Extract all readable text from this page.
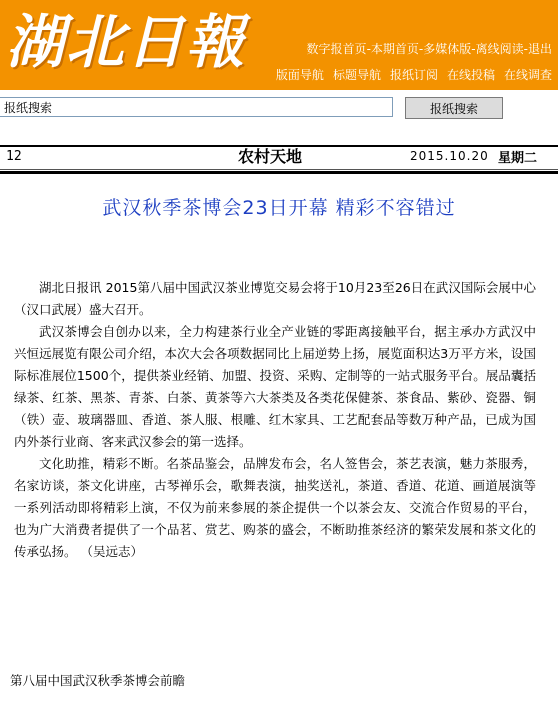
湖北日報	数字报首页-本期首页-多媒体版-离线阅读-退出
版面导航 标题导航 报纸订阅 在线投稿 在线调查
报纸搜索
报纸搜索
12	农村天地	2015.10.20 星期二
武汉秋季茶博会23日开幕 精彩不容错过

湖北日报讯 2015第八届中国武汉茶业博览交易会将于10月23至26日在武汉国际会展中心（汉口武展）盛大召开。

武汉茶博会自创办以来，全力构建茶行业全产业链的零距离接触平台，据主承办方武汉中兴恒远展览有限公司介绍，本次大会各项数据同比上届逆势上扬，展览面积达3万平方米，设国际标准展位1500个，提供茶业经销、加盟、投资、采购、定制等的一站式服务平台。展品囊括绿茶、红茶、黑茶、青茶、白茶、黄茶等六大茶类及各类花保健茶、茶食品、紫砂、瓷器、铜（铁）壶、玻璃器皿、香道、茶人服、根雕、红木家具、工艺配套品等数万种产品，已成为国内外茶行业商、客来武汉参会的第一选择。

文化助推，精彩不断。名茶品鉴会，品牌发布会，名人签售会，茶艺表演，魅力茶服秀，名家访谈，茶文化讲座，古琴禅乐会，歌舞表演，抽奖送礼，茶道、香道、花道、画道展演等一系列活动即将精彩上演，不仅为前来参展的茶企提供一个以茶会友、交流合作贸易的平台，也为广大消费者提供了一个品茗、赏艺、购茶的盛会，不断助推茶经济的繁荣发展和茶文化的传承弘扬。 （吴远志）

第八届中国武汉秋季茶博会前瞻
